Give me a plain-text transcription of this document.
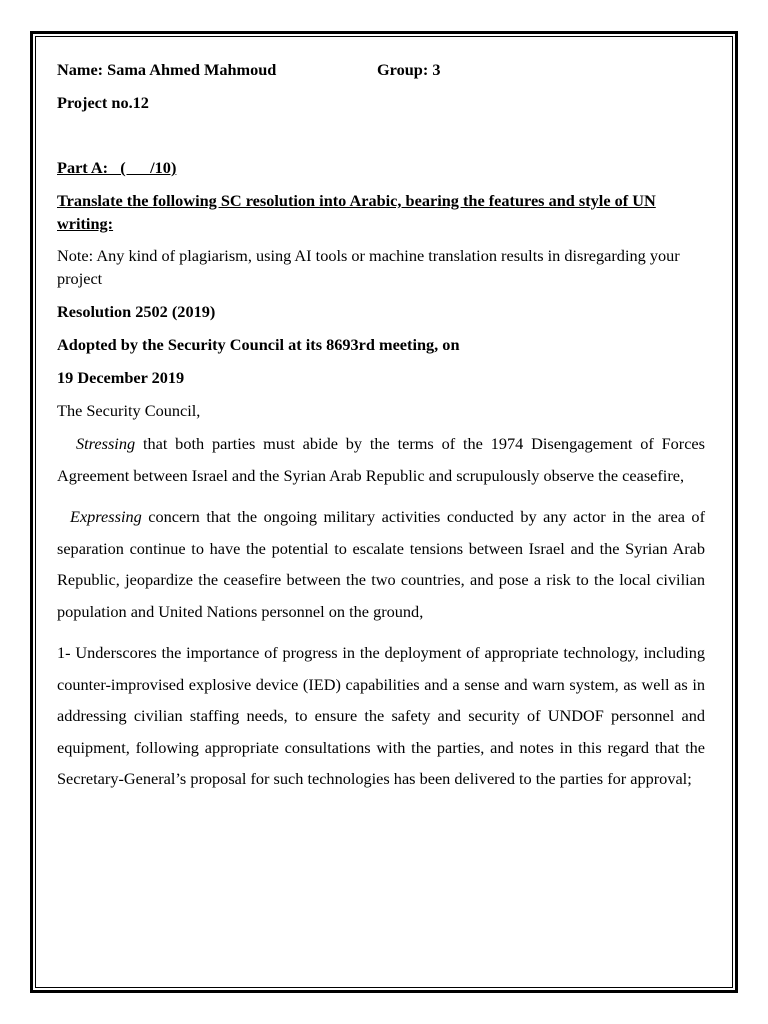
Name: Sama Ahmed Mahmoud	Group: 3

Project no.12

Part A:   (      /10)

Translate the following SC resolution into Arabic, bearing the features and style of UN writing:

Note: Any kind of plagiarism, using AI tools or machine translation results in disregarding your project

Resolution 2502 (2019)

Adopted by the Security Council at its 8693rd meeting, on

19 December 2019

The Security Council,

Stressing that both parties must abide by the terms of the 1974 Disengagement of Forces Agreement between Israel and the Syrian Arab Republic and scrupulously observe the ceasefire,

Expressing concern that the ongoing military activities conducted by any actor in the area of separation continue to have the potential to escalate tensions between Israel and the Syrian Arab Republic, jeopardize the ceasefire between the two countries, and pose a risk to the local civilian population and United Nations personnel on the ground,

1- Underscores the importance of progress in the deployment of appropriate technology, including counter-improvised explosive device (IED) capabilities and a sense and warn system, as well as in addressing civilian staffing needs, to ensure the safety and security of UNDOF personnel and equipment, following appropriate consultations with the parties, and notes in this regard that the Secretary-General’s proposal for such technologies has been delivered to the parties for approval;
